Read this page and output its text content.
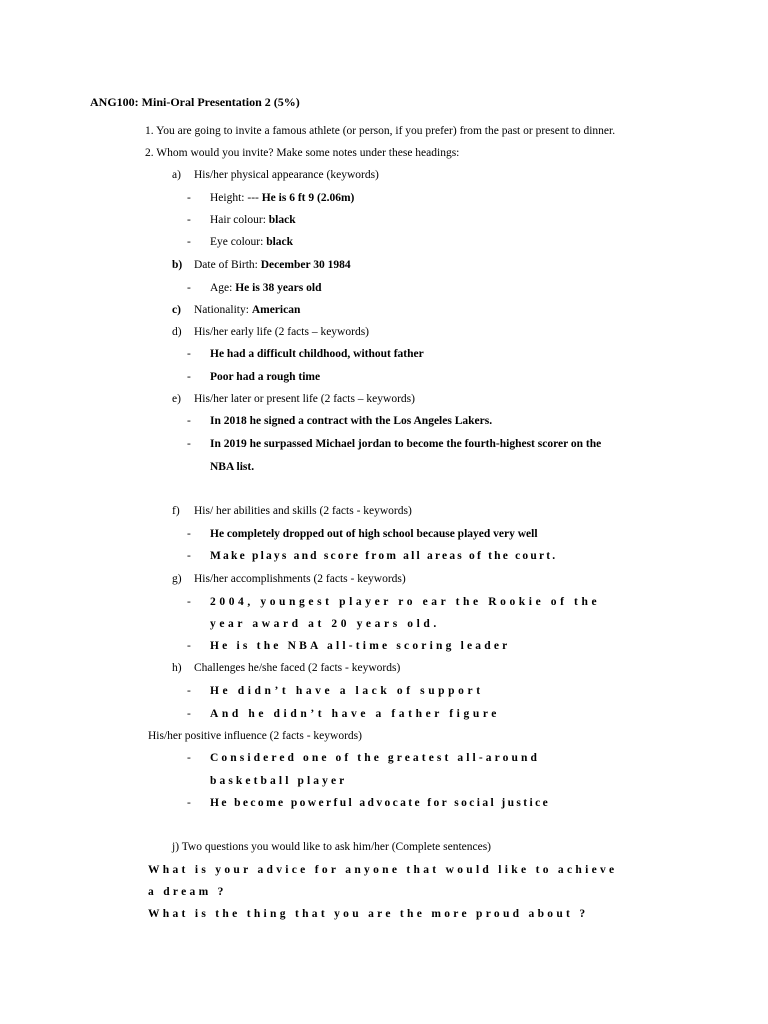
ANG100: Mini-Oral Presentation 2 (5%)
1. You are going to invite a famous athlete (or person, if you prefer) from the past or present to dinner.
2. Whom would you invite? Make some notes under these headings:
a) His/her physical appearance (keywords)
- Height: --- He is 6 ft 9 (2.06m)
- Hair colour: black
- Eye colour: black
b) Date of Birth: December 30 1984
- Age: He is 38 years old
c) Nationality: American
d) His/her early life (2 facts – keywords)
- He had a difficult childhood, without father
- Poor had a rough time
e) His/her later or present life (2 facts – keywords)
- In 2018 he signed a contract with the Los Angeles Lakers.
- In 2019 he surpassed Michael jordan to become the fourth-highest scorer on the
NBA list.
f) His/ her abilities and skills (2 facts - keywords)
- He completely dropped out of high school because played very well
- Make plays and score from all areas of the court.
g) His/her accomplishments (2 facts - keywords)
- 2004, youngest player ro ear the Rookie of the
year award at 20 years old.
- He is the NBA all-time scoring leader
h) Challenges he/she faced (2 facts - keywords)
- He didn’t have a lack of support
- And he didn’t have a father figure
His/her positive influence (2 facts - keywords)
- Considered one of the greatest all-around
basketball player
- He become powerful advocate for social justice
j) Two questions you would like to ask him/her (Complete sentences)
What is your advice for anyone that would like to achieve
a dream ?
What is the thing that you are the more proud about ?
